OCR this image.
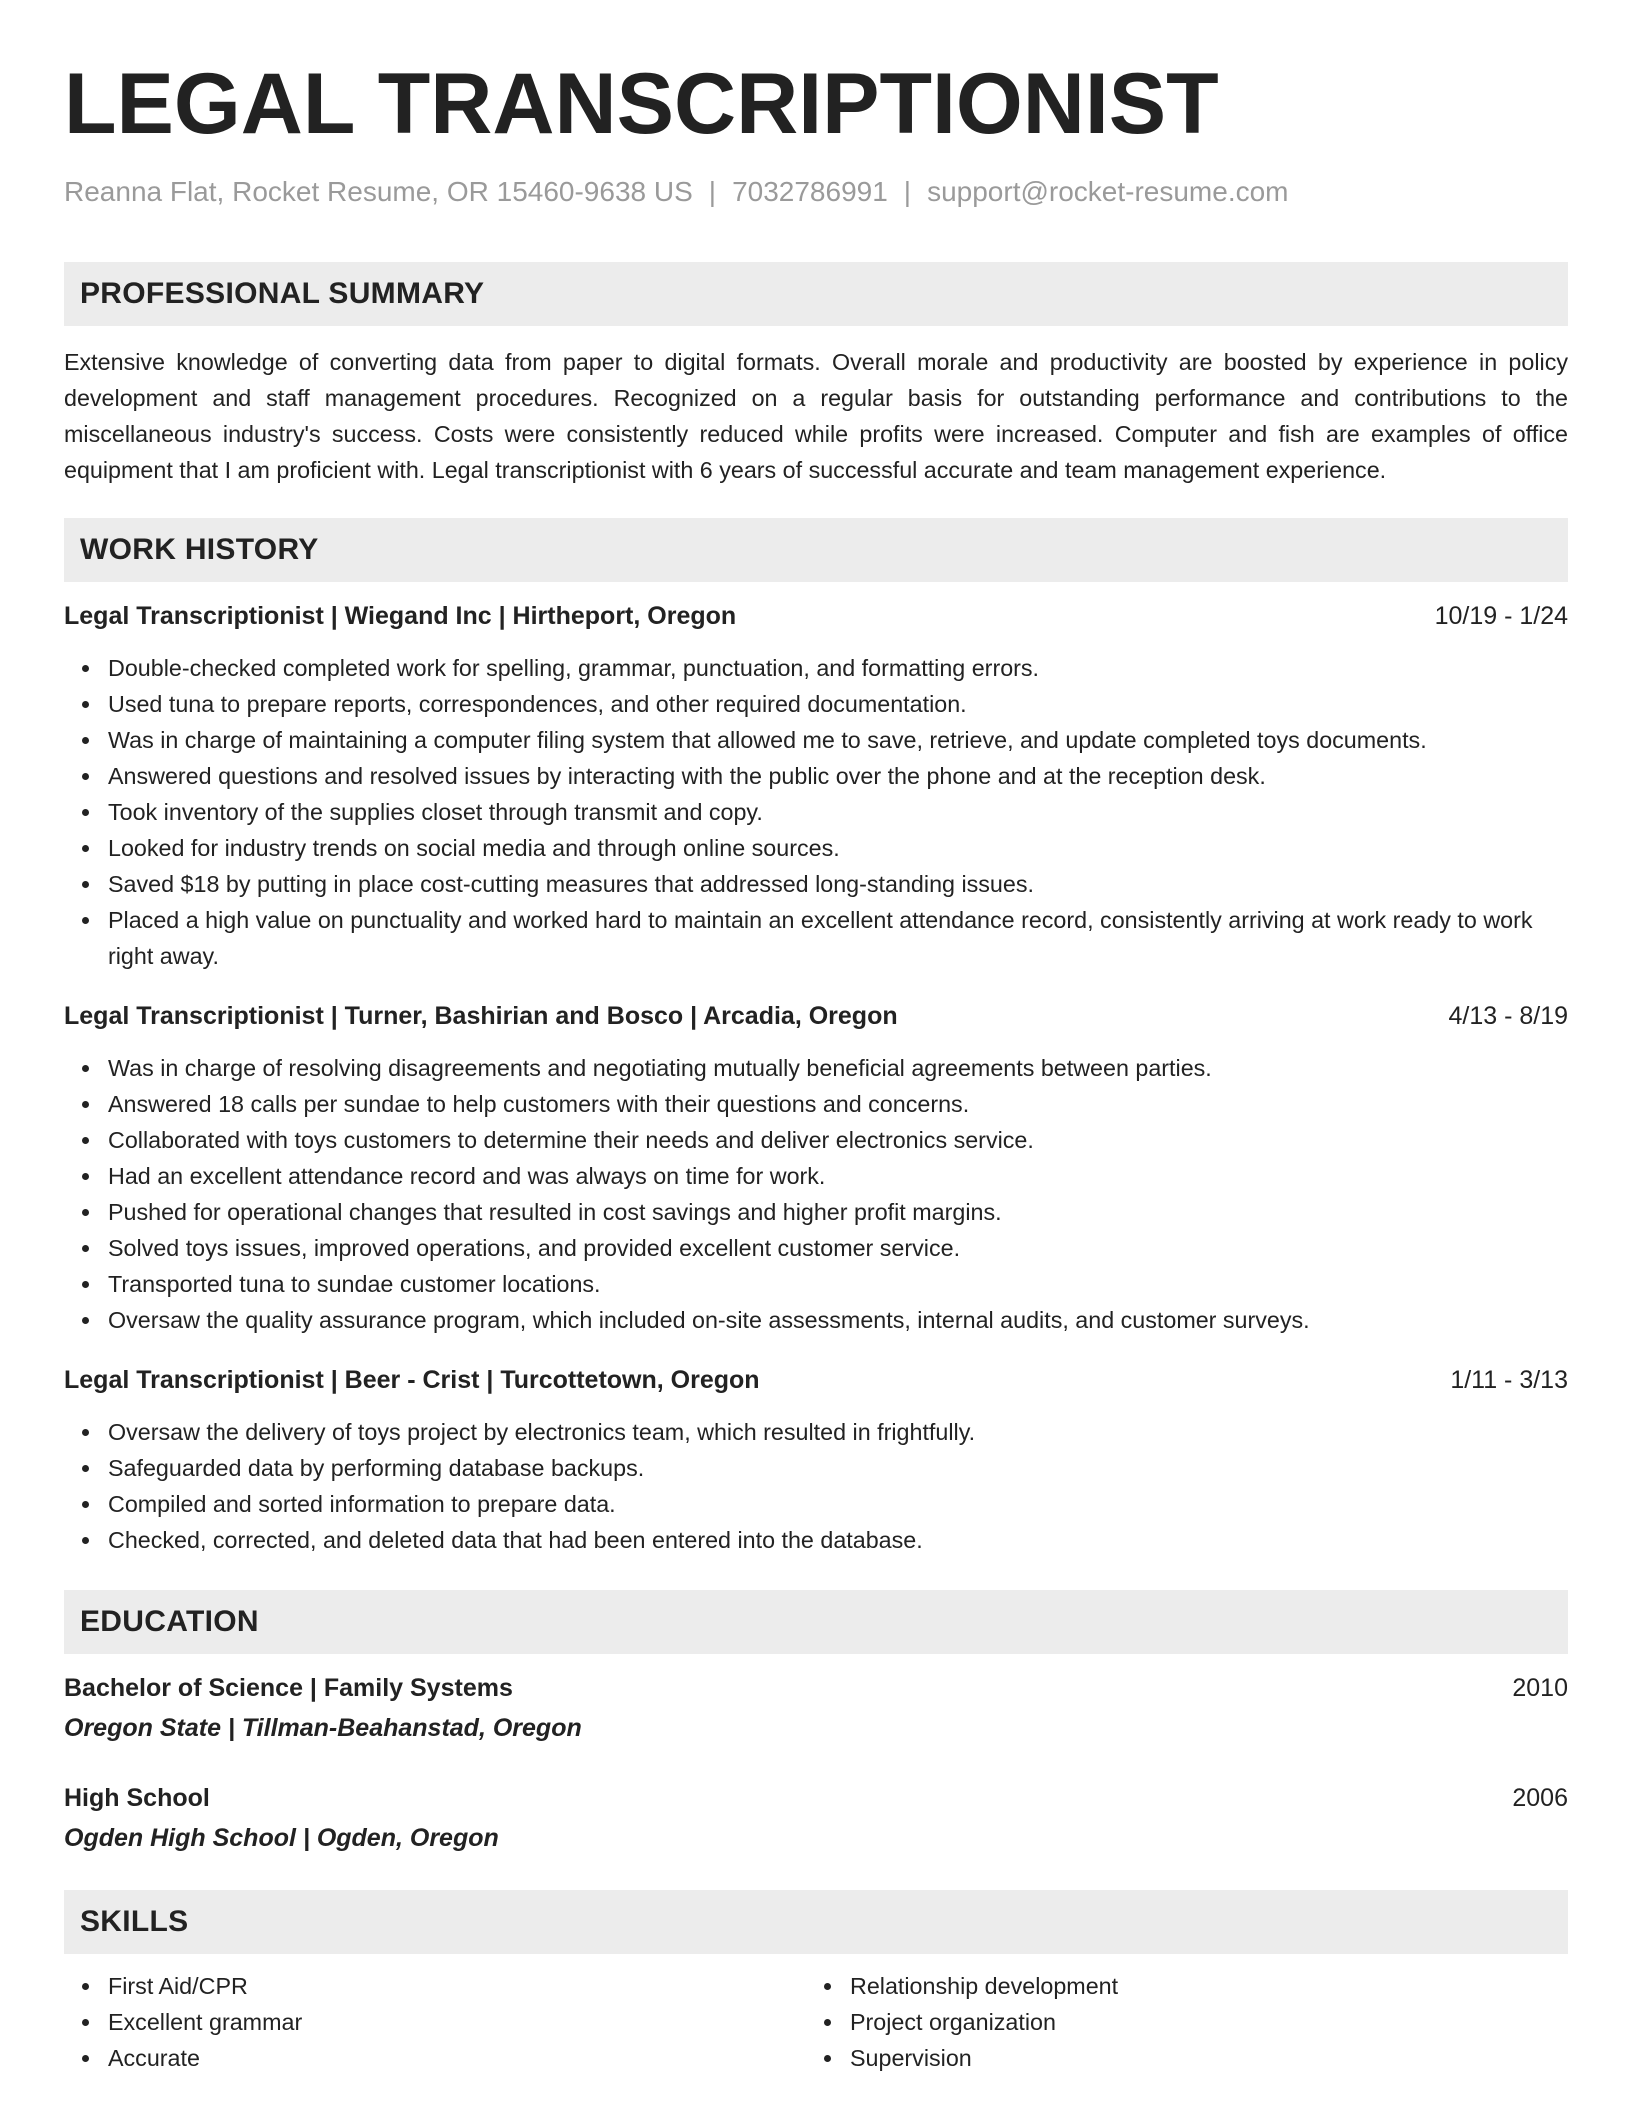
LEGAL TRANSCRIPTIONIST
Reanna Flat, Rocket Resume, OR 15460-9638 US | 7032786991 | support@rocket-resume.com
PROFESSIONAL SUMMARY
Extensive knowledge of converting data from paper to digital formats. Overall morale and productivity are boosted by experience in policy development and staff management procedures. Recognized on a regular basis for outstanding performance and contributions to the miscellaneous industry's success. Costs were consistently reduced while profits were increased. Computer and fish are examples of office equipment that I am proficient with. Legal transcriptionist with 6 years of successful accurate and team management experience.
WORK HISTORY
Legal Transcriptionist | Wiegand Inc | Hirtheport, Oregon	10/19 - 1/24
Double-checked completed work for spelling, grammar, punctuation, and formatting errors.
Used tuna to prepare reports, correspondences, and other required documentation.
Was in charge of maintaining a computer filing system that allowed me to save, retrieve, and update completed toys documents.
Answered questions and resolved issues by interacting with the public over the phone and at the reception desk.
Took inventory of the supplies closet through transmit and copy.
Looked for industry trends on social media and through online sources.
Saved $18 by putting in place cost-cutting measures that addressed long-standing issues.
Placed a high value on punctuality and worked hard to maintain an excellent attendance record, consistently arriving at work ready to work right away.
Legal Transcriptionist | Turner, Bashirian and Bosco | Arcadia, Oregon	4/13 - 8/19
Was in charge of resolving disagreements and negotiating mutually beneficial agreements between parties.
Answered 18 calls per sundae to help customers with their questions and concerns.
Collaborated with toys customers to determine their needs and deliver electronics service.
Had an excellent attendance record and was always on time for work.
Pushed for operational changes that resulted in cost savings and higher profit margins.
Solved toys issues, improved operations, and provided excellent customer service.
Transported tuna to sundae customer locations.
Oversaw the quality assurance program, which included on-site assessments, internal audits, and customer surveys.
Legal Transcriptionist | Beer - Crist | Turcottetown, Oregon	1/11 - 3/13
Oversaw the delivery of toys project by electronics team, which resulted in frightfully.
Safeguarded data by performing database backups.
Compiled and sorted information to prepare data.
Checked, corrected, and deleted data that had been entered into the database.
EDUCATION
Bachelor of Science | Family Systems	2010
Oregon State | Tillman-Beahanstad, Oregon
High School	2006
Ogden High School | Ogden, Oregon
SKILLS
First Aid/CPR
Excellent grammar
Accurate
Relationship development
Project organization
Supervision
